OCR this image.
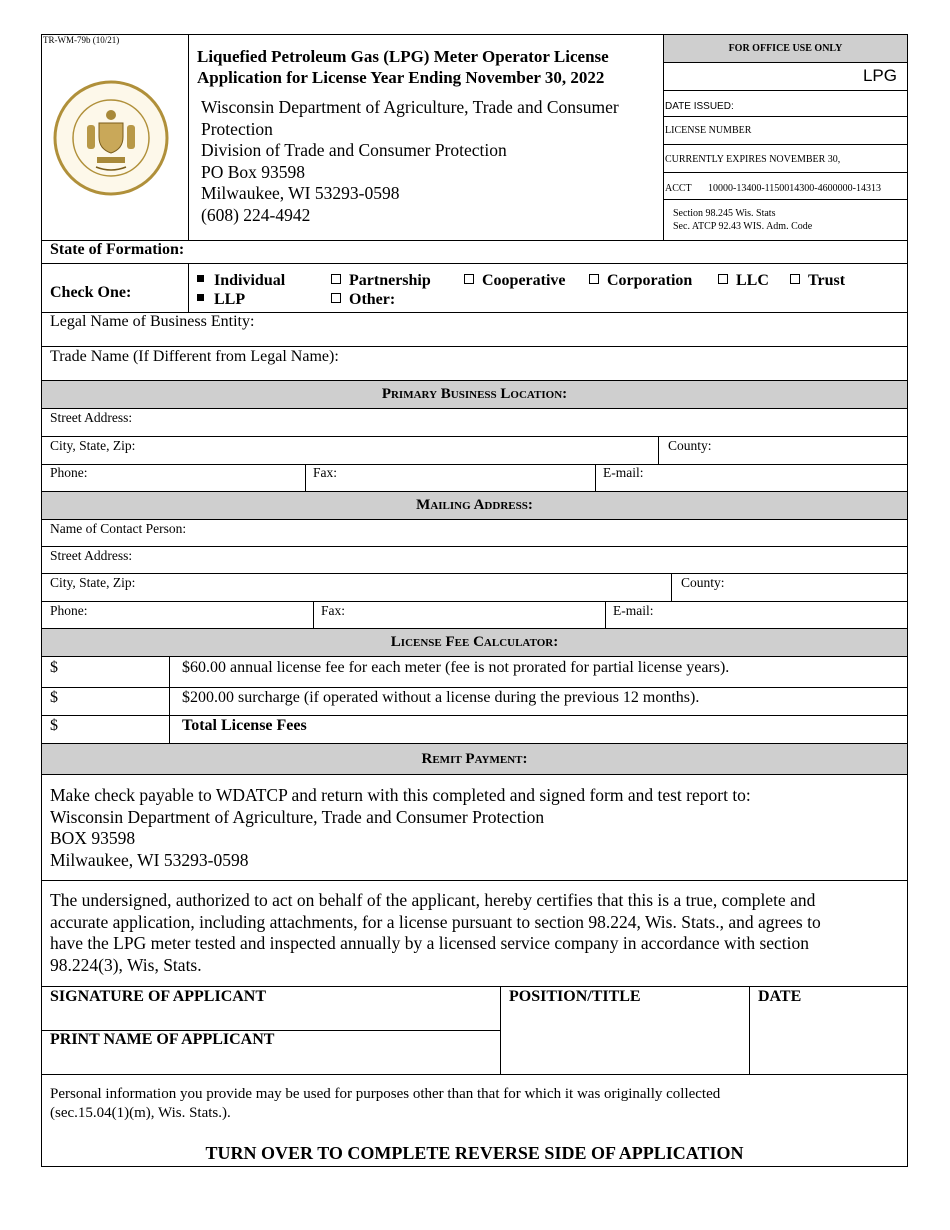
TR-WM-79b (10/21)
Liquefied Petroleum Gas (LPG) Meter Operator License
Application for License Year Ending November 30, 2022
Wisconsin Department of Agriculture, Trade and Consumer
Protection
Division of Trade and Consumer Protection
PO Box 93598
Milwaukee, WI 53293-0598
(608) 224-4942
FOR OFFICE USE ONLY
LPG
DATE ISSUED:
LICENSE NUMBER
CURRENTLY EXPIRES NOVEMBER 30,
ACCT 10000-13400-1150014300-4600000-14313
Section 98.245 Wis. Stats
Sec. ATCP 92.43 WIS. Adm. Code
State of Formation:
Check One:
Individual	Partnership	Cooperative	Corporation	LLC	Trust
LLP	Other:
Legal Name of Business Entity:
Trade Name (If Different from Legal Name):
Primary Business Location:
Street Address:
City, State, Zip:	County:
Phone:	Fax:	E-mail:
Mailing Address:
Name of Contact Person:
Street Address:
City, State, Zip:	County:
Phone:	Fax:	E-mail:
License Fee Calculator:
$	$60.00 annual license fee for each meter (fee is not prorated for partial license years).
$	$200.00 surcharge (if operated without a license during the previous 12 months).
$	Total License Fees
Remit Payment:
Make check payable to WDATCP and return with this completed and signed form and test report to:
Wisconsin Department of Agriculture, Trade and Consumer Protection
BOX 93598
Milwaukee, WI 53293-0598
The undersigned, authorized to act on behalf of the applicant, hereby certifies that this is a true, complete and
accurate application, including attachments, for a license pursuant to section 98.224, Wis. Stats., and agrees to
have the LPG meter tested and inspected annually by a licensed service company in accordance with section
98.224(3), Wis, Stats.
SIGNATURE OF APPLICANT
PRINT NAME OF APPLICANT
POSITION/TITLE	DATE
Personal information you provide may be used for purposes other than that for which it was originally collected
(sec.15.04(1)(m), Wis. Stats.).
TURN OVER TO COMPLETE REVERSE SIDE OF APPLICATION
